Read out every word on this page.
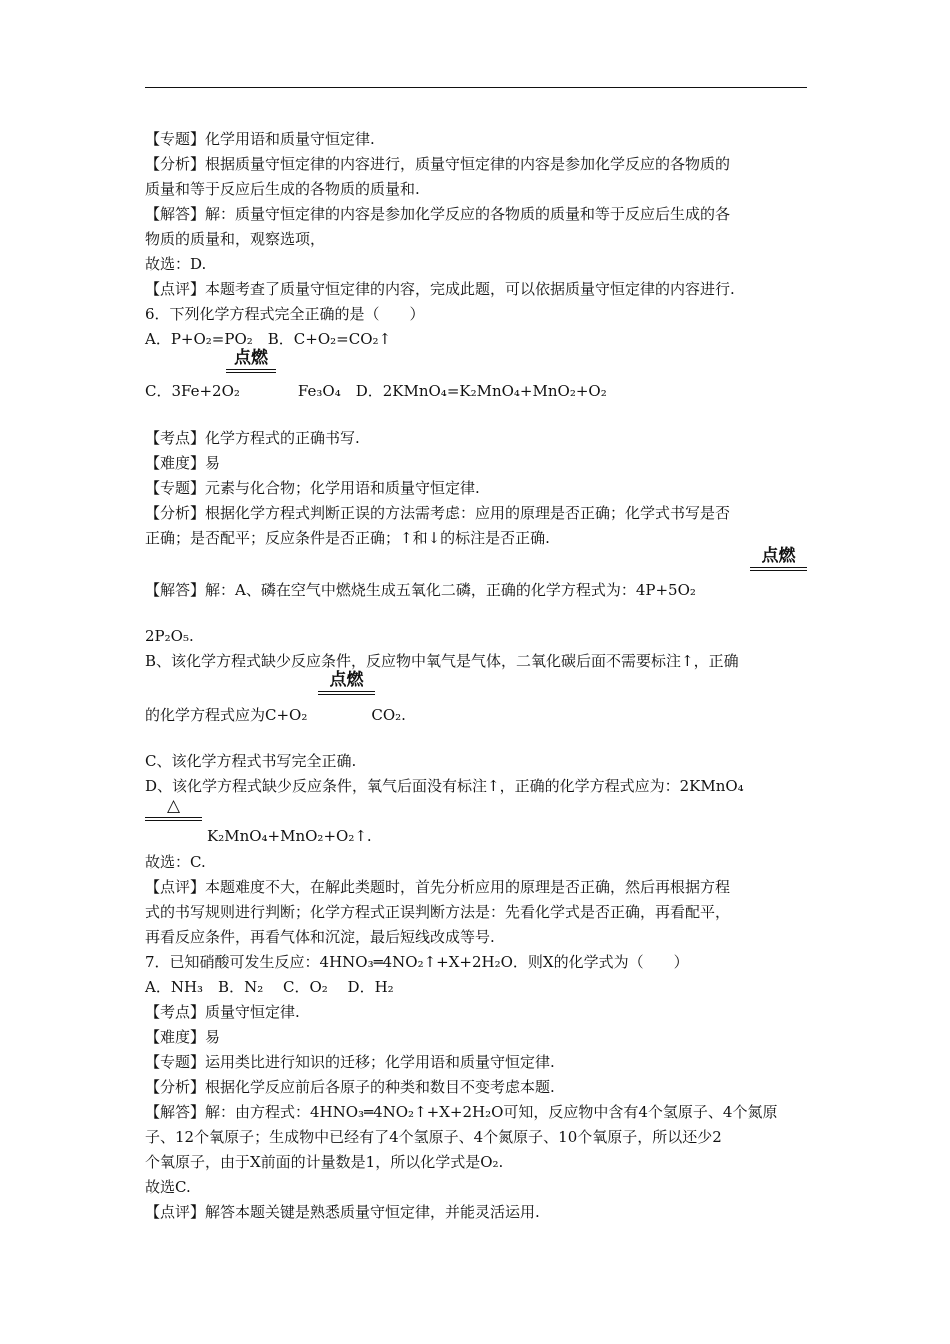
【专题】化学用语和质量守恒定律.
【分析】根据质量守恒定律的内容进行，质量守恒定律的内容是参加化学反应的各物质的
质量和等于反应后生成的各物质的质量和.
【解答】解：质量守恒定律的内容是参加化学反应的各物质的质量和等于反应后生成的各
物质的质量和，观察选项，
故选：D.
【点评】本题考查了质量守恒定律的内容，完成此题，可以依据质量守恒定律的内容进行.
6．下列化学方程式完全正确的是（　　）
A．P+O₂=PO₂　B．C+O₂=CO₂↑
点燃
C．3Fe+2O₂	Fe₃O₄　D．2KMnO₄=K₂MnO₄+MnO₂+O₂
【考点】化学方程式的正确书写.
【难度】易
【专题】元素与化合物；化学用语和质量守恒定律.
【分析】根据化学方程式判断正误的方法需考虑：应用的原理是否正确；化学式书写是否
正确；是否配平；反应条件是否正确；↑和↓的标注是否正确.
点燃
【解答】解：A、磷在空气中燃烧生成五氧化二磷，正确的化学方程式为：4P+5O₂
2P₂O₅.
B、该化学方程式缺少反应条件，反应物中氧气是气体，二氧化碳后面不需要标注↑，正确
点燃
的化学方程式应为C+O₂	CO₂.
C、该化学方程式书写完全正确.
D、该化学方程式缺少反应条件，氧气后面没有标注↑，正确的化学方程式应为：2KMnO₄
△
K₂MnO₄+MnO₂+O₂↑.
故选：C.
【点评】本题难度不大，在解此类题时，首先分析应用的原理是否正确，然后再根据方程
式的书写规则进行判断；化学方程式正误判断方法是：先看化学式是否正确，再看配平，
再看反应条件，再看气体和沉淀，最后短线改成等号.
7．已知硝酸可发生反应：4HNO₃═4NO₂↑+X+2H₂O．则X的化学式为（　　）
A．NH₃　B．N₂　 C．O₂　 D．H₂
【考点】质量守恒定律.
【难度】易
【专题】运用类比进行知识的迁移；化学用语和质量守恒定律.
【分析】根据化学反应前后各原子的种类和数目不变考虑本题.
【解答】解：由方程式：4HNO₃═4NO₂↑+X+2H₂O可知，反应物中含有4个氢原子、4个氮原
子、12个氧原子；生成物中已经有了4个氢原子、4个氮原子、10个氧原子，所以还少2
个氧原子，由于X前面的计量数是1，所以化学式是O₂.
故选C.
【点评】解答本题关键是熟悉质量守恒定律，并能灵活运用.
